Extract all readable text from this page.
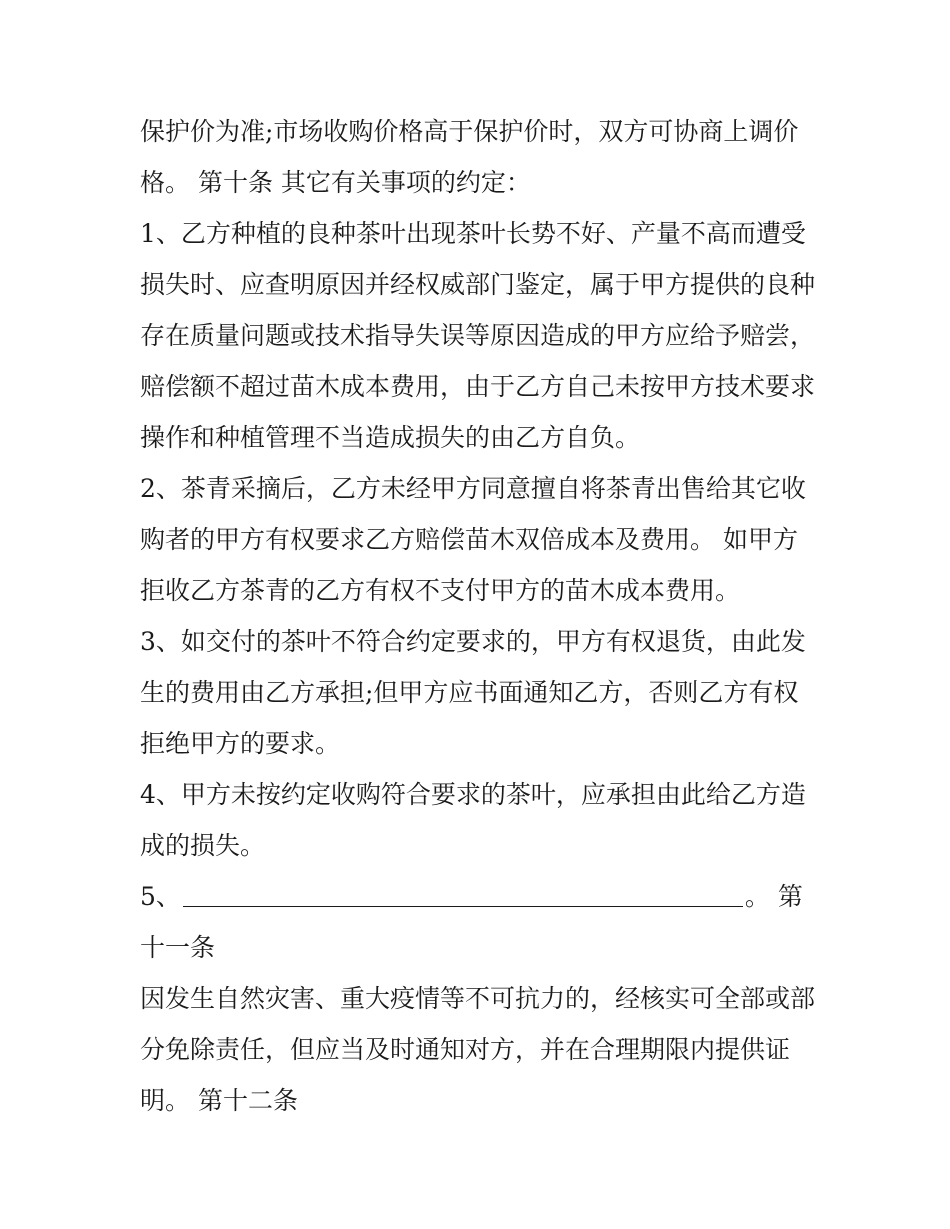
保护价为准;市场收购价格高于保护价时，双方可协商上调价格。 第十条 其它有关事项的约定：

1、乙方种植的良种茶叶出现茶叶长势不好、产量不高而遭受损失时、应查明原因并经权威部门鉴定，属于甲方提供的良种存在质量问题或技术指导失误等原因造成的甲方应给予赔尝，赔偿额不超过苗木成本费用，由于乙方自己未按甲方技术要求操作和种植管理不当造成损失的由乙方自负。

2、茶青采摘后，乙方未经甲方同意擅自将茶青出售给其它收购者的甲方有权要求乙方赔偿苗木双倍成本及费用。 如甲方拒收乙方茶青的乙方有权不支付甲方的苗木成本费用。

3、如交付的茶叶不符合约定要求的，甲方有权退货，由此发生的费用由乙方承担;但甲方应书面通知乙方，否则乙方有权拒绝甲方的要求。

4、甲方未按约定收购符合要求的茶叶，应承担由此给乙方造成的损失。

5、	。 第

十一条

因发生自然灾害、重大疫情等不可抗力的，经核实可全部或部分免除责任，但应当及时通知对方，并在合理期限内提供证明。 第十二条
